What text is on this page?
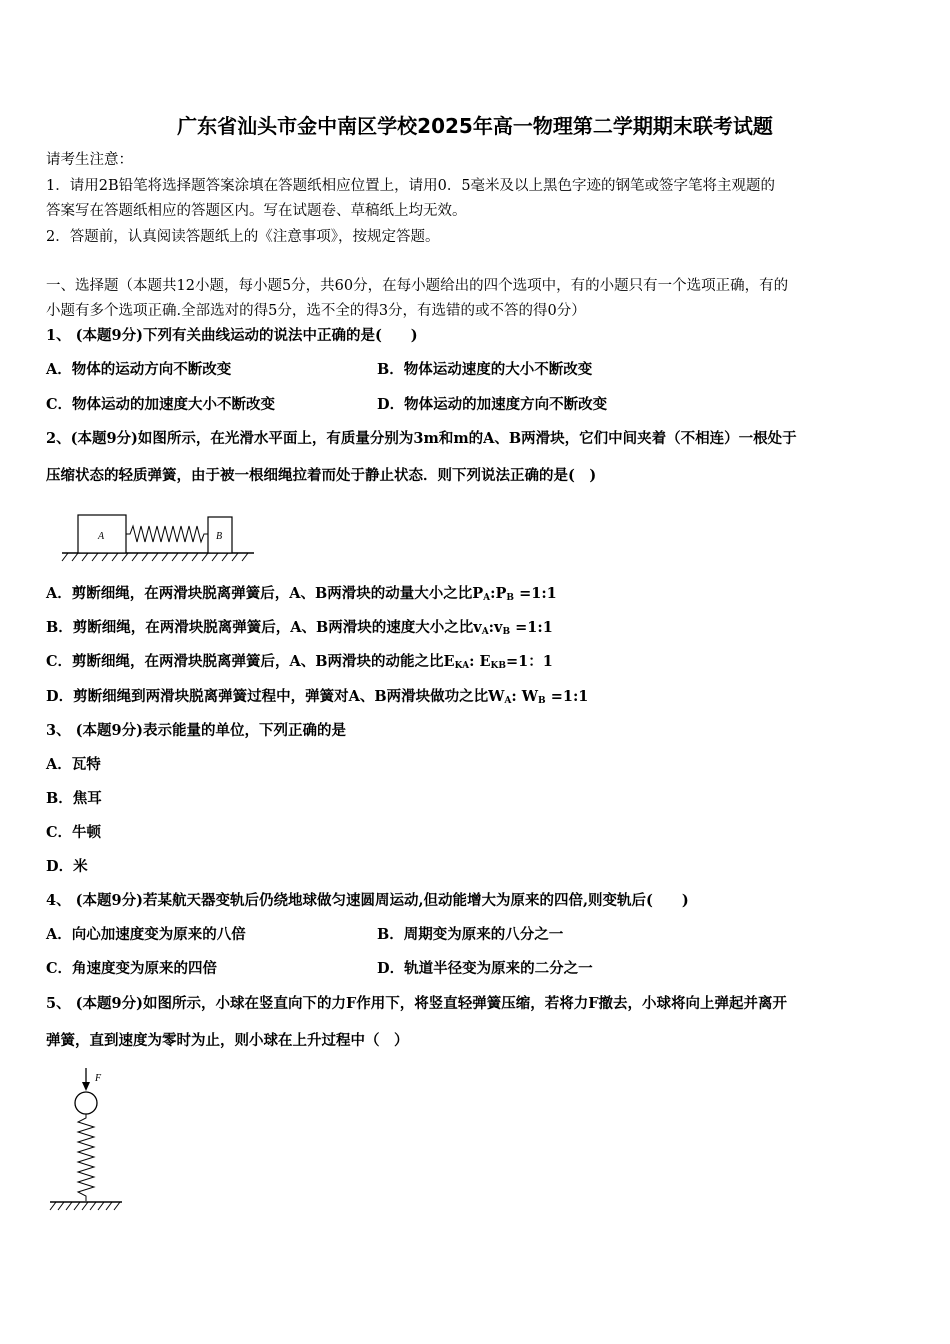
广东省汕头市金中南区学校2025年高一物理第二学期期末联考试题
请考生注意：
1．请用2B铅笔将选择题答案涂填在答题纸相应位置上，请用0．5毫米及以上黑色字迹的钢笔或签字笔将主观题的
答案写在答题纸相应的答题区内。写在试题卷、草稿纸上均无效。
2．答题前，认真阅读答题纸上的《注意事项》，按规定答题。
一、选择题（本题共12小题，每小题5分，共60分，在每小题给出的四个选项中，有的小题只有一个选项正确，有的
小题有多个选项正确.全部选对的得5分，选不全的得3分，有选错的或不答的得0分）
1、 (本题9分)下列有关曲线运动的说法中正确的是(　　)
A．物体的运动方向不断改变	B．物体运动速度的大小不断改变
C．物体运动的加速度大小不断改变	D．物体运动的加速度方向不断改变
2、(本题9分)如图所示，在光滑水平面上，有质量分别为3m和m的A、B两滑块，它们中间夹着（不相连）一根处于
压缩状态的轻质弹簧，由于被一根细绳拉着而处于静止状态．则下列说法正确的是(　)
A	B
A．剪断细绳，在两滑块脱离弹簧后，A、B两滑块的动量大小之比$P_A:P_B$ =1:1
B．剪断细绳，在两滑块脱离弹簧后，A、B两滑块的速度大小之比$v_A:v_B$ =1:1
C．剪断细绳，在两滑块脱离弹簧后，A、B两滑块的动能之比$E_{KA}$: $E_{KB}=1$：1
D．剪断细绳到两滑块脱离弹簧过程中，弹簧对A、B两滑块做功之比$W_A$: $W_B$ =1:1
3、 (本题9分)表示能量的单位，下列正确的是
A．瓦特
B．焦耳
C．牛顿
D．米
4、 (本题9分)若某航天器变轨后仍绕地球做匀速圆周运动,但动能增大为原来的四倍,则变轨后(　　)
A．向心加速度变为原来的八倍	B．周期变为原来的八分之一
C．角速度变为原来的四倍	D．轨道半径变为原来的二分之一
5、 (本题9分)如图所示，小球在竖直向下的力F作用下，将竖直轻弹簧压缩，若将力F撤去，小球将向上弹起并离开
弹簧，直到速度为零时为止，则小球在上升过程中（　）
F
